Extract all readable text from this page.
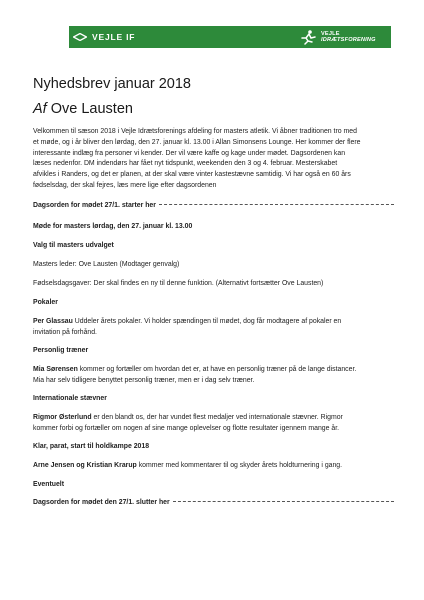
VEJLE IF	VEJLE
IDRÆTSFORENING
Nyhedsbrev januar 2018
Af Ove Lausten
Velkommen til sæson 2018 i Vejle Idrætsforenings afdeling for masters atletik. Vi åbner traditionen tro med
et møde, og i år bliver den lørdag, den 27. januar kl. 13.00 i Allan Simonsens Lounge. Her kommer der flere
interessante indlæg fra personer vi kender. Der vil være kaffe og kage under mødet. Dagsordenen kan
læses nedenfor. DM indendørs har fået nyt tidspunkt, weekenden den 3 og 4. februar. Mesterskabet
afvikles i Randers, og det er planen, at der skal være vinter kastestævne samtidig. Vi har også en 60 års
fødselsdag, der skal fejres, læs mere lige efter dagsordenen
Dagsorden for mødet 27/1. starter her
Møde for masters lørdag, den 27. januar kl. 13.00
Valg til masters udvalget
Masters leder: Ove Lausten (Modtager genvalg)
Fødselsdagsgaver: Der skal findes en ny til denne funktion. (Alternativt fortsætter Ove Lausten)
Pokaler
Per Glassau Uddeler årets pokaler. Vi holder spændingen til mødet, dog får modtagere af pokaler en
invitation på forhånd.
Personlig træner
Mia Sørensen kommer og fortæller om hvordan det er, at have en personlig træner på de lange distancer.
Mia har selv tidligere benyttet personlig træner, men er i dag selv træner.
Internationale stævner
Rigmor Østerlund er den blandt os, der har vundet flest medaljer ved internationale stævner. Rigmor
kommer forbi og fortæller om nogen af sine mange oplevelser og flotte resultater igennem mange år.
Klar, parat, start til holdkampe 2018
Arne Jensen og Kristian Krarup kommer med kommentarer til og skyder årets holdturnering i gang.
Eventuelt
Dagsorden for mødet den 27/1. slutter her
